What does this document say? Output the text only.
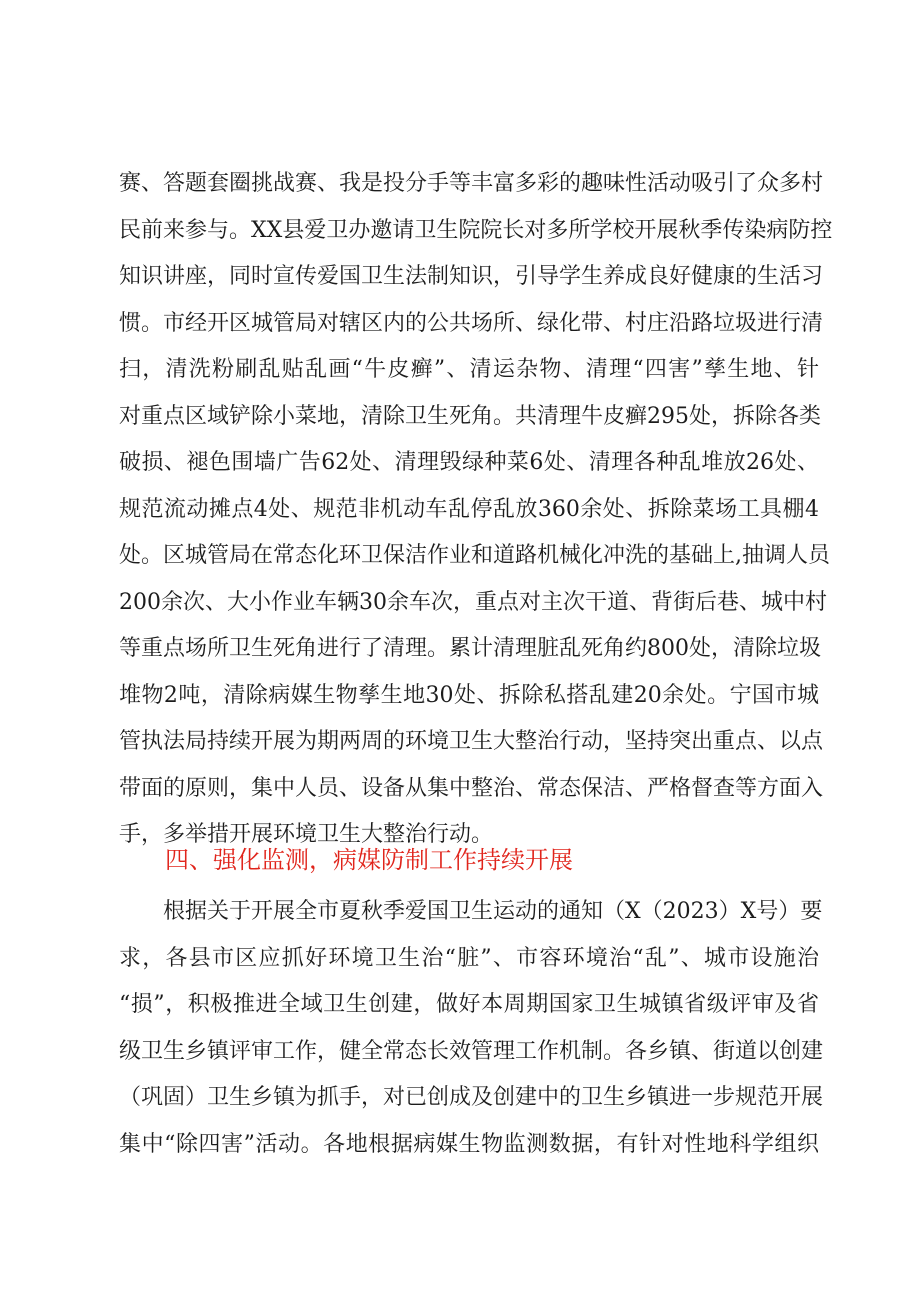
赛、答题套圈挑战赛、我是投分手等丰富多彩的趣味性活动吸引了众多村
民前来参与。XX县爱卫办邀请卫生院院长对多所学校开展秋季传染病防控
知识讲座，同时宣传爱国卫生法制知识，引导学生养成良好健康的生活习
惯。市经开区城管局对辖区内的公共场所、绿化带、村庄沿路垃圾进行清
扫，清洗粉刷乱贴乱画“牛皮癣”、清运杂物、清理“四害”孳生地、针
对重点区域铲除小菜地，清除卫生死角。共清理牛皮癣295处，拆除各类
破损、褪色围墙广告62处、清理毁绿种菜6处、清理各种乱堆放26处、
规范流动摊点4处、规范非机动车乱停乱放360余处、拆除菜场工具棚4
处。区城管局在常态化环卫保洁作业和道路机械化冲洗的基础上,抽调人员
200余次、大小作业车辆30余车次，重点对主次干道、背街后巷、城中村
等重点场所卫生死角进行了清理。累计清理脏乱死角约800处，清除垃圾
堆物2吨，清除病媒生物孳生地30处、拆除私搭乱建20余处。宁国市城
管执法局持续开展为期两周的环境卫生大整治行动，坚持突出重点、以点
带面的原则，集中人员、设备从集中整治、常态保洁、严格督查等方面入
手，多举措开展环境卫生大整治行动。
四、强化监测，病媒防制工作持续开展
　　根据关于开展全市夏秋季爱国卫生运动的通知（X（2023）X号）要
求，各县市区应抓好环境卫生治“脏”、市容环境治“乱”、城市设施治
“损”，积极推进全域卫生创建，做好本周期国家卫生城镇省级评审及省
级卫生乡镇评审工作，健全常态长效管理工作机制。各乡镇、街道以创建
（巩固）卫生乡镇为抓手，对已创成及创建中的卫生乡镇进一步规范开展
集中“除四害”活动。各地根据病媒生物监测数据，有针对性地科学组织
